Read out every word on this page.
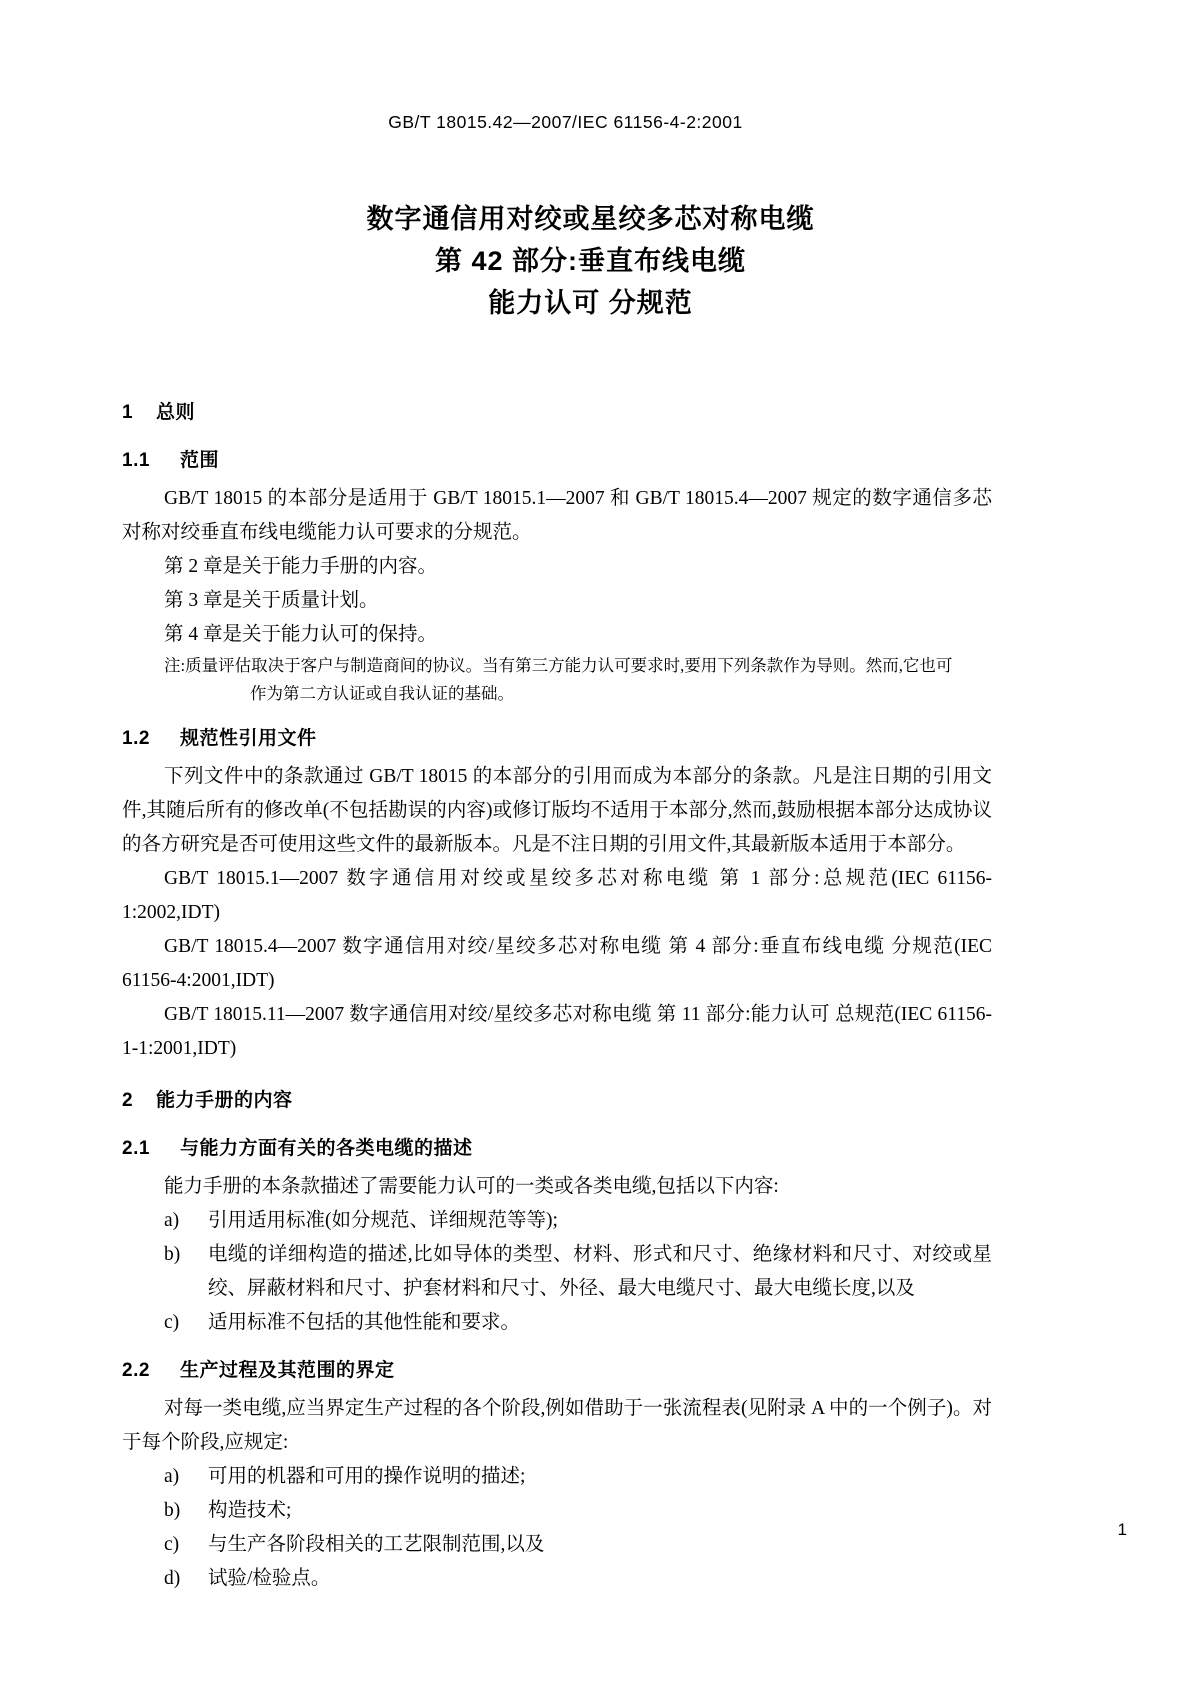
GB/T 18015.42—2007/IEC 61156-4-2:2001
数字通信用对绞或星绞多芯对称电缆
第 42 部分:垂直布线电缆
能力认可 分规范
1 总则
1.1 范围

GB/T 18015 的本部分是适用于 GB/T 18015.1—2007 和 GB/T 18015.4—2007 规定的数字通信多芯对称对绞垂直布线电缆能力认可要求的分规范。

第 2 章是关于能力手册的内容。

第 3 章是关于质量计划。

第 4 章是关于能力认可的保持。

注:质量评估取决于客户与制造商间的协议。当有第三方能力认可要求时,要用下列条款作为导则。然而,它也可
作为第二方认证或自我认证的基础。

1.2 规范性引用文件

下列文件中的条款通过 GB/T 18015 的本部分的引用而成为本部分的条款。凡是注日期的引用文件,其随后所有的修改单(不包括勘误的内容)或修订版均不适用于本部分,然而,鼓励根据本部分达成协议的各方研究是否可使用这些文件的最新版本。凡是不注日期的引用文件,其最新版本适用于本部分。

GB/T 18015.1—2007 数字通信用对绞或星绞多芯对称电缆 第 1 部分:总规范(IEC 61156-1:2002,IDT)

GB/T 18015.4—2007 数字通信用对绞/星绞多芯对称电缆 第 4 部分:垂直布线电缆 分规范(IEC 61156-4:2001,IDT)

GB/T 18015.11—2007 数字通信用对绞/星绞多芯对称电缆 第 11 部分:能力认可 总规范(IEC 61156-1-1:2001,IDT)

2 能力手册的内容
2.1 与能力方面有关的各类电缆的描述

能力手册的本条款描述了需要能力认可的一类或各类电缆,包括以下内容:

a)	引用适用标准(如分规范、详细规范等等);
b)	电缆的详细构造的描述,比如导体的类型、材料、形式和尺寸、绝缘材料和尺寸、对绞或星绞、屏蔽材料和尺寸、护套材料和尺寸、外径、最大电缆尺寸、最大电缆长度,以及
c)	适用标准不包括的其他性能和要求。
2.2 生产过程及其范围的界定

对每一类电缆,应当界定生产过程的各个阶段,例如借助于一张流程表(见附录 A 中的一个例子)。对于每个阶段,应规定:

a)	可用的机器和可用的操作说明的描述;
b)	构造技术;
c)	与生产各阶段相关的工艺限制范围,以及
d)	试验/检验点。
1
